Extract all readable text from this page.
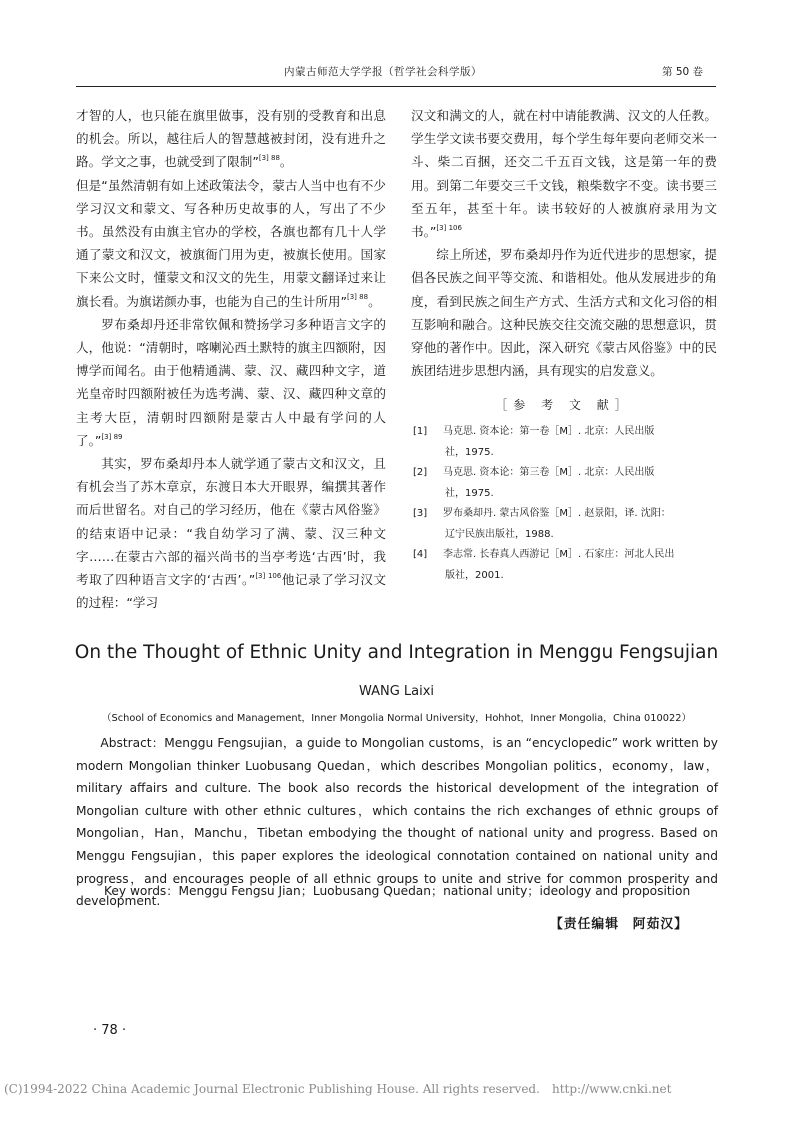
内蒙古师范大学学报（哲学社会科学版）	第 50 卷

才智的人，也只能在旗里做事，没有别的受教育和出息的机会。所以，越往后人的智慧越被封闭，没有进升之路。学文之事，也就受到了限制”$^{[3] 88}$。

但是“虽然清朝有如上述政策法令，蒙古人当中也有不少学习汉文和蒙文、写各种历史故事的人，写出了不少书。虽然没有由旗主官办的学校，各旗也都有几十人学通了蒙文和汉文，被旗衙门用为吏，被旗长使用。国家下来公文时，懂蒙文和汉文的先生，用蒙文翻译过来让旗长看。为旗诺颜办事，也能为自己的生计所用”$^{[3] 88}$。

罗布桑却丹还非常钦佩和赞扬学习多种语言文字的人，他说：“清朝时，喀喇沁西土默特的旗主四额附，因博学而闻名。由于他精通满、蒙、汉、藏四种文字，道光皇帝时四额附被任为选考满、蒙、汉、藏四种文章的主考大臣，清朝时四额附是蒙古人中最有学问的人了。”$^{[3] 89}$

其实，罗布桑却丹本人就学通了蒙古文和汉文，且有机会当了苏木章京，东渡日本大开眼界，编撰其著作而后世留名。对自己的学习经历，他在《蒙古风俗鉴》的结束语中记录：“我自幼学习了满、蒙、汉三种文字……在蒙古六部的福兴尚书的当亭考选‘古西’时，我考取了四种语言文字的‘古西’。”$^{[3] 106}$他记录了学习汉文的过程：“学习

汉文和满文的人，就在村中请能教满、汉文的人任教。学生学文读书要交费用，每个学生每年要向老师交米一斗、柴二百捆，还交二千五百文钱，这是第一年的费用。到第二年要交三千文钱，粮柴数字不变。读书要三至五年，甚至十年。读书较好的人被旗府录用为文书。”$^{[3] 106}$

综上所述，罗布桑却丹作为近代进步的思想家，提倡各民族之间平等交流、和谐相处。他从发展进步的角度，看到民族之间生产方式、生活方式和文化习俗的相互影响和融合。这种民族交往交流交融的思想意识，贯穿他的著作中。因此，深入研究《蒙古风俗鉴》中的民族团结进步思想内涵，具有现实的启发意义。

［参 考 文 献］
[1] 马克思. 资本论：第一卷［M］. 北京：人民出版
社，1975.
[2] 马克思. 资本论：第三卷［M］. 北京：人民出版
社，1975.
[3] 罗布桑却丹. 蒙古风俗鉴［M］. 赵景阳，译. 沈阳：
辽宁民族出版社，1988.
[4] 李志常. 长春真人西游记［M］. 石家庄：河北人民出
版社，2001.
On the Thought of Ethnic Unity and Integration in Menggu Fengsujian
WANG Laixi
（School of Economics and Management，Inner Mongolia Normal University，Hohhot，Inner Mongolia，China 010022）

Abstract：Menggu Fengsujian，a guide to Mongolian customs，is an “encyclopedic” work written by modern Mongolian thinker Luobusang Quedan，which describes Mongolian politics，economy，law，military affairs and culture. The book also records the historical development of the integration of Mongolian culture with other ethnic cultures，which contains the rich exchanges of ethnic groups of Mongolian，Han，Manchu，Tibetan embodying the thought of national unity and progress. Based on Menggu Fengsujian，this paper explores the ideological connotation contained on national unity and progress，and encourages people of all ethnic groups to unite and strive for common prosperity and development.

Key words：Menggu Fengsu Jian；Luobusang Quedan；national unity；ideology and proposition
【责任编辑　阿茹汉】
· 78 ·
(C)1994-2022 China Academic Journal Electronic Publishing House. All rights reserved. http://www.cnki.net
